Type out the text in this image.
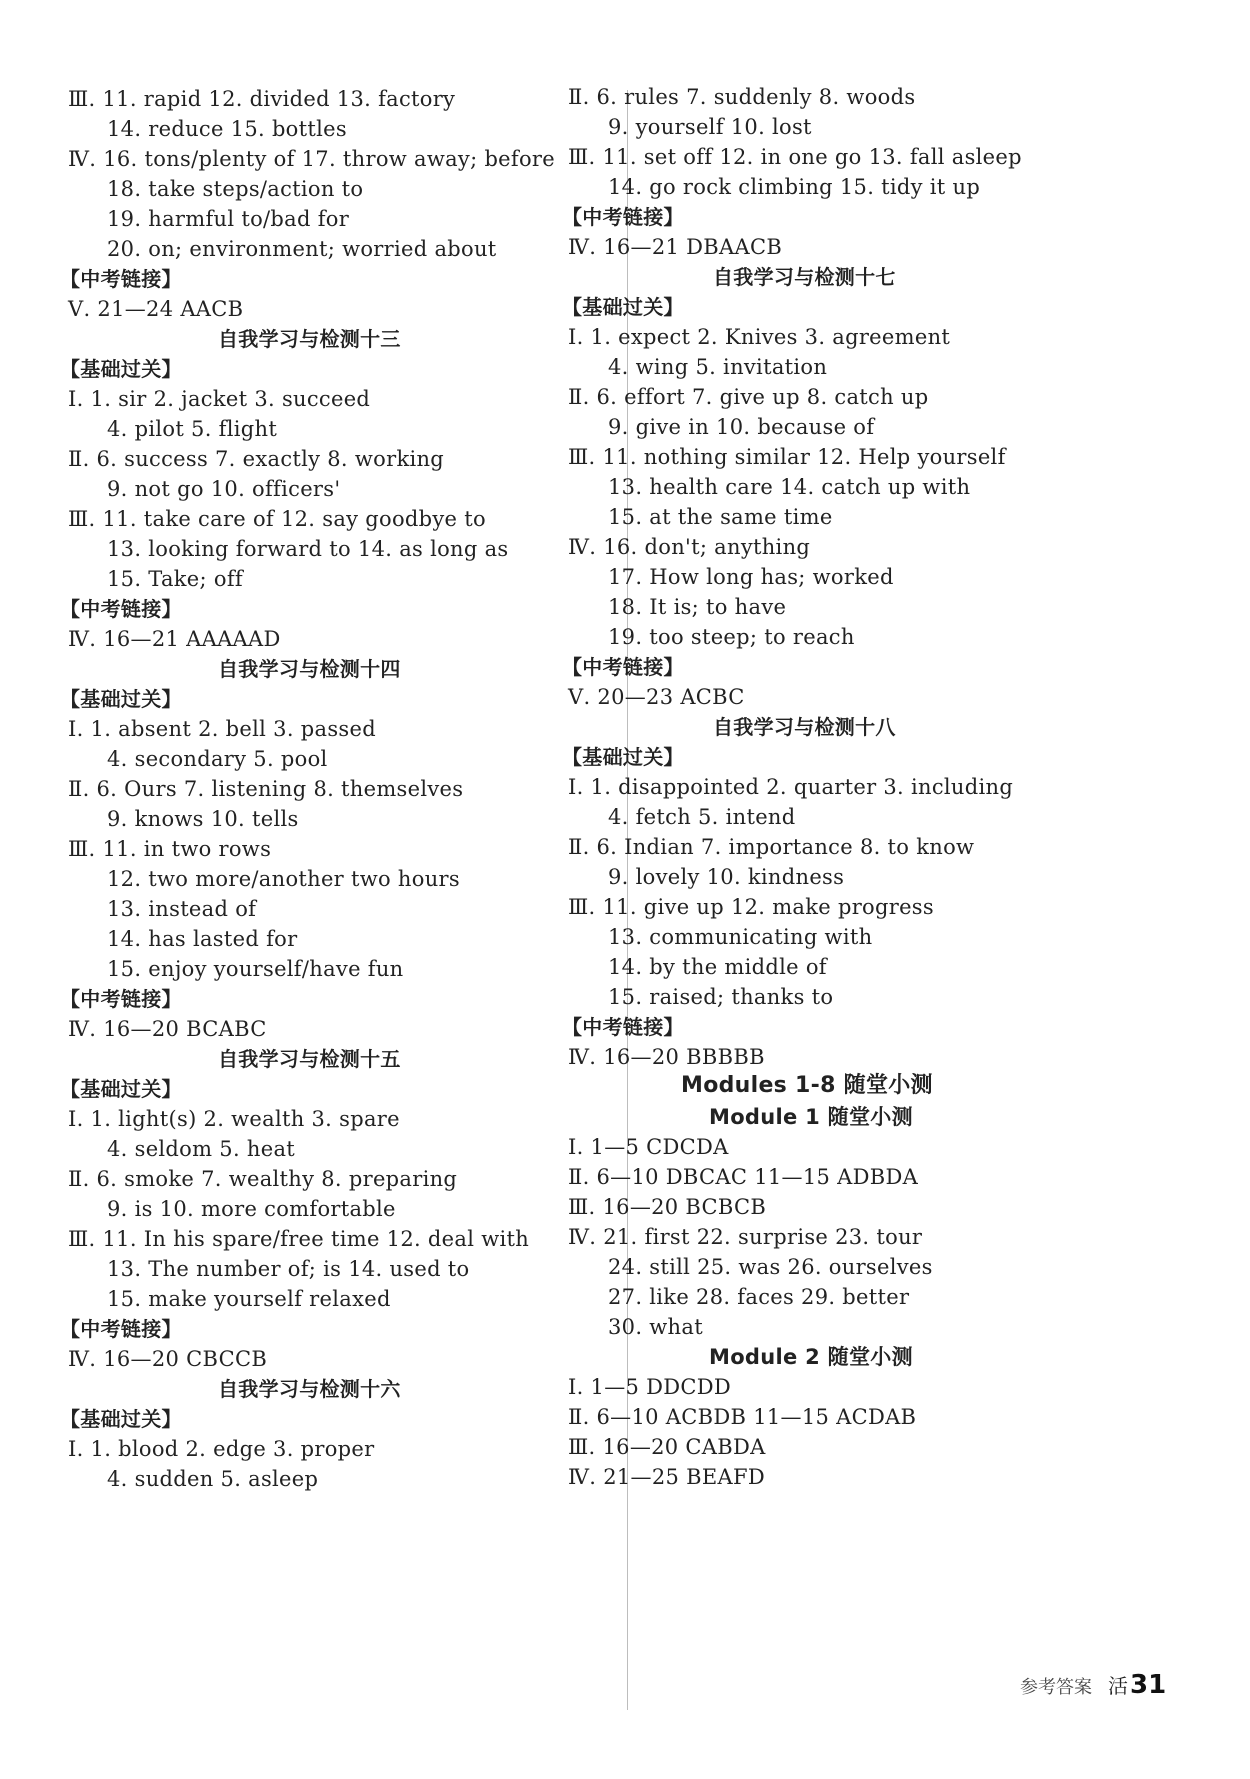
Ⅲ. 11. rapid 12. divided 13. factory
14. reduce 15. bottles
Ⅳ. 16. tons/plenty of 17. throw away; before
18. take steps/action to
19. harmful to/bad for
20. on; environment; worried about
【中考链接】
Ⅴ. 21—24 AACB
自我学习与检测十三
【基础过关】
Ⅰ. 1. sir 2. jacket 3. succeed
4. pilot 5. flight
Ⅱ. 6. success 7. exactly 8. working
9. not go 10. officers'
Ⅲ. 11. take care of 12. say goodbye to
13. looking forward to 14. as long as
15. Take; off
【中考链接】
Ⅳ. 16—21 AAAAAD
自我学习与检测十四
【基础过关】
Ⅰ. 1. absent 2. bell 3. passed
4. secondary 5. pool
Ⅱ. 6. Ours 7. listening 8. themselves
9. knows 10. tells
Ⅲ. 11. in two rows
12. two more/another two hours
13. instead of
14. has lasted for
15. enjoy yourself/have fun
【中考链接】
Ⅳ. 16—20 BCABC
自我学习与检测十五
【基础过关】
Ⅰ. 1. light(s) 2. wealth 3. spare
4. seldom 5. heat
Ⅱ. 6. smoke 7. wealthy 8. preparing
9. is 10. more comfortable
Ⅲ. 11. In his spare/free time 12. deal with
13. The number of; is 14. used to
15. make yourself relaxed
【中考链接】
Ⅳ. 16—20 CBCCB
自我学习与检测十六
【基础过关】
Ⅰ. 1. blood 2. edge 3. proper
4. sudden 5. asleep
Ⅱ. 6. rules 7. suddenly 8. woods
9. yourself 10. lost
Ⅲ. 11. set off 12. in one go 13. fall asleep
14. go rock climbing 15. tidy it up
【中考链接】
Ⅳ. 16—21 DBAACB
自我学习与检测十七
【基础过关】
Ⅰ. 1. expect 2. Knives 3. agreement
4. wing 5. invitation
Ⅱ. 6. effort 7. give up 8. catch up
9. give in 10. because of
Ⅲ. 11. nothing similar 12. Help yourself
13. health care 14. catch up with
15. at the same time
Ⅳ. 16. don't; anything
17. How long has; worked
18. It is; to have
19. too steep; to reach
【中考链接】
Ⅴ. 20—23 ACBC
自我学习与检测十八
【基础过关】
Ⅰ. 1. disappointed 2. quarter 3. including
4. fetch 5. intend
Ⅱ. 6. Indian 7. importance 8. to know
9. lovely 10. kindness
Ⅲ. 11. give up 12. make progress
13. communicating with
14. by the middle of
15. raised; thanks to
【中考链接】
Ⅳ. 16—20 BBBBB
Modules 1-8 随堂小测
Module 1 随堂小测
Ⅰ. 1—5 CDCDA
Ⅱ. 6—10 DBCAC 11—15 ADBDA
Ⅲ. 16—20 BCBCB
Ⅳ. 21. first 22. surprise 23. tour
24. still 25. was 26. ourselves
27. like 28. faces 29. better
30. what
Module 2 随堂小测
Ⅰ. 1—5 DDCDD
Ⅱ. 6—10 ACBDB 11—15 ACDAB
Ⅲ. 16—20 CABDA
Ⅳ. 21—25 BEAFD
参考答案 活31
